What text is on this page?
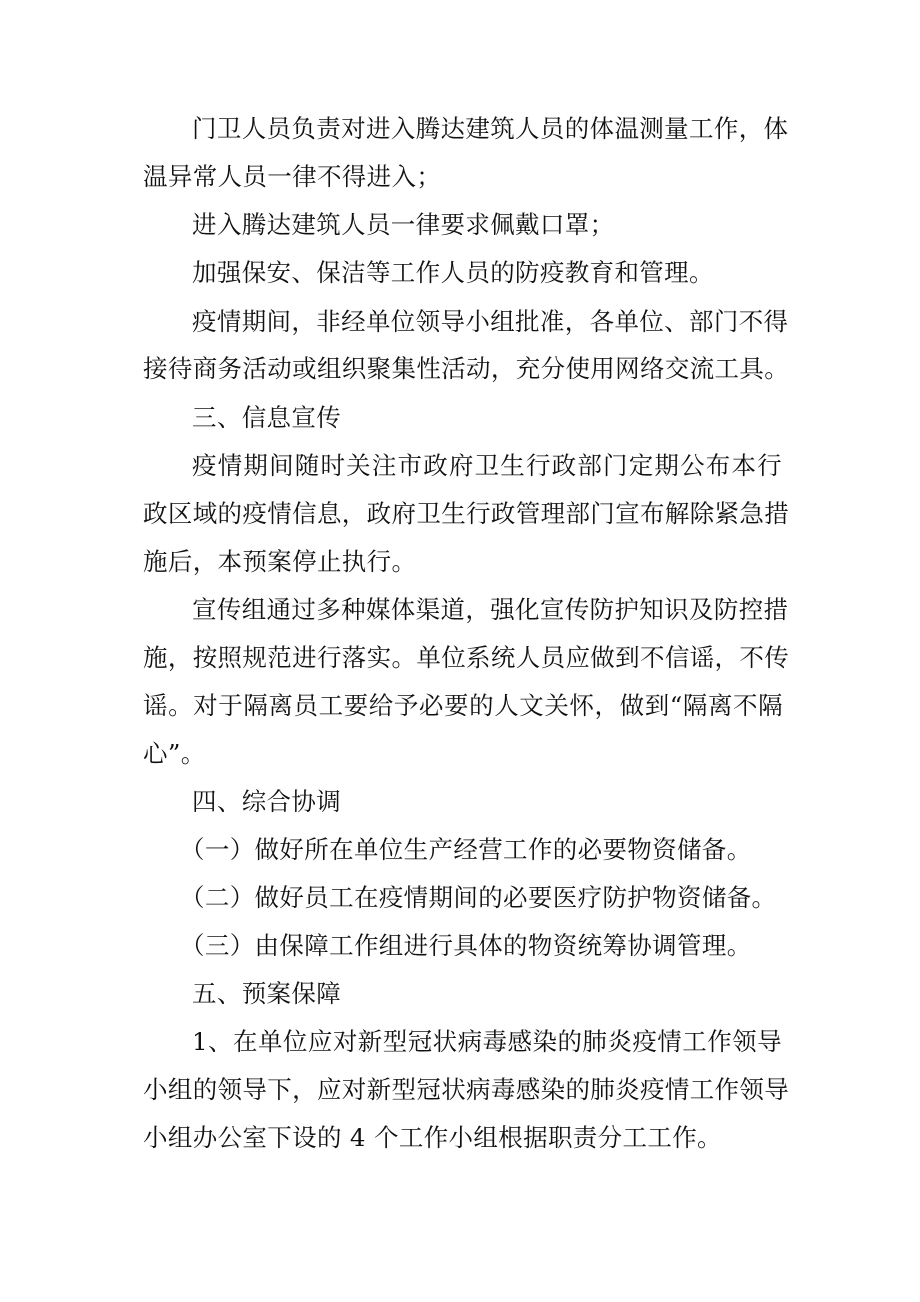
门卫人员负责对进入腾达建筑人员的体温测量工作，体
温异常人员一律不得进入；
进入腾达建筑人员一律要求佩戴口罩；
加强保安、保洁等工作人员的防疫教育和管理。
疫情期间，非经单位领导小组批准，各单位、部门不得
接待商务活动或组织聚集性活动，充分使用网络交流工具。
三、信息宣传
疫情期间随时关注市政府卫生行政部门定期公布本行
政区域的疫情信息，政府卫生行政管理部门宣布解除紧急措
施后，本预案停止执行。
宣传组通过多种媒体渠道，强化宣传防护知识及防控措
施，按照规范进行落实。单位系统人员应做到不信谣，不传
谣。对于隔离员工要给予必要的人文关怀，做到“隔离不隔
心”。
四、综合协调
（一）做好所在单位生产经营工作的必要物资储备。
（二）做好员工在疫情期间的必要医疗防护物资储备。
（三）由保障工作组进行具体的物资统筹协调管理。
五、预案保障
1、在单位应对新型冠状病毒感染的肺炎疫情工作领导
小组的领导下，应对新型冠状病毒感染的肺炎疫情工作领导
小组办公室下设的 4 个工作小组根据职责分工工作。
